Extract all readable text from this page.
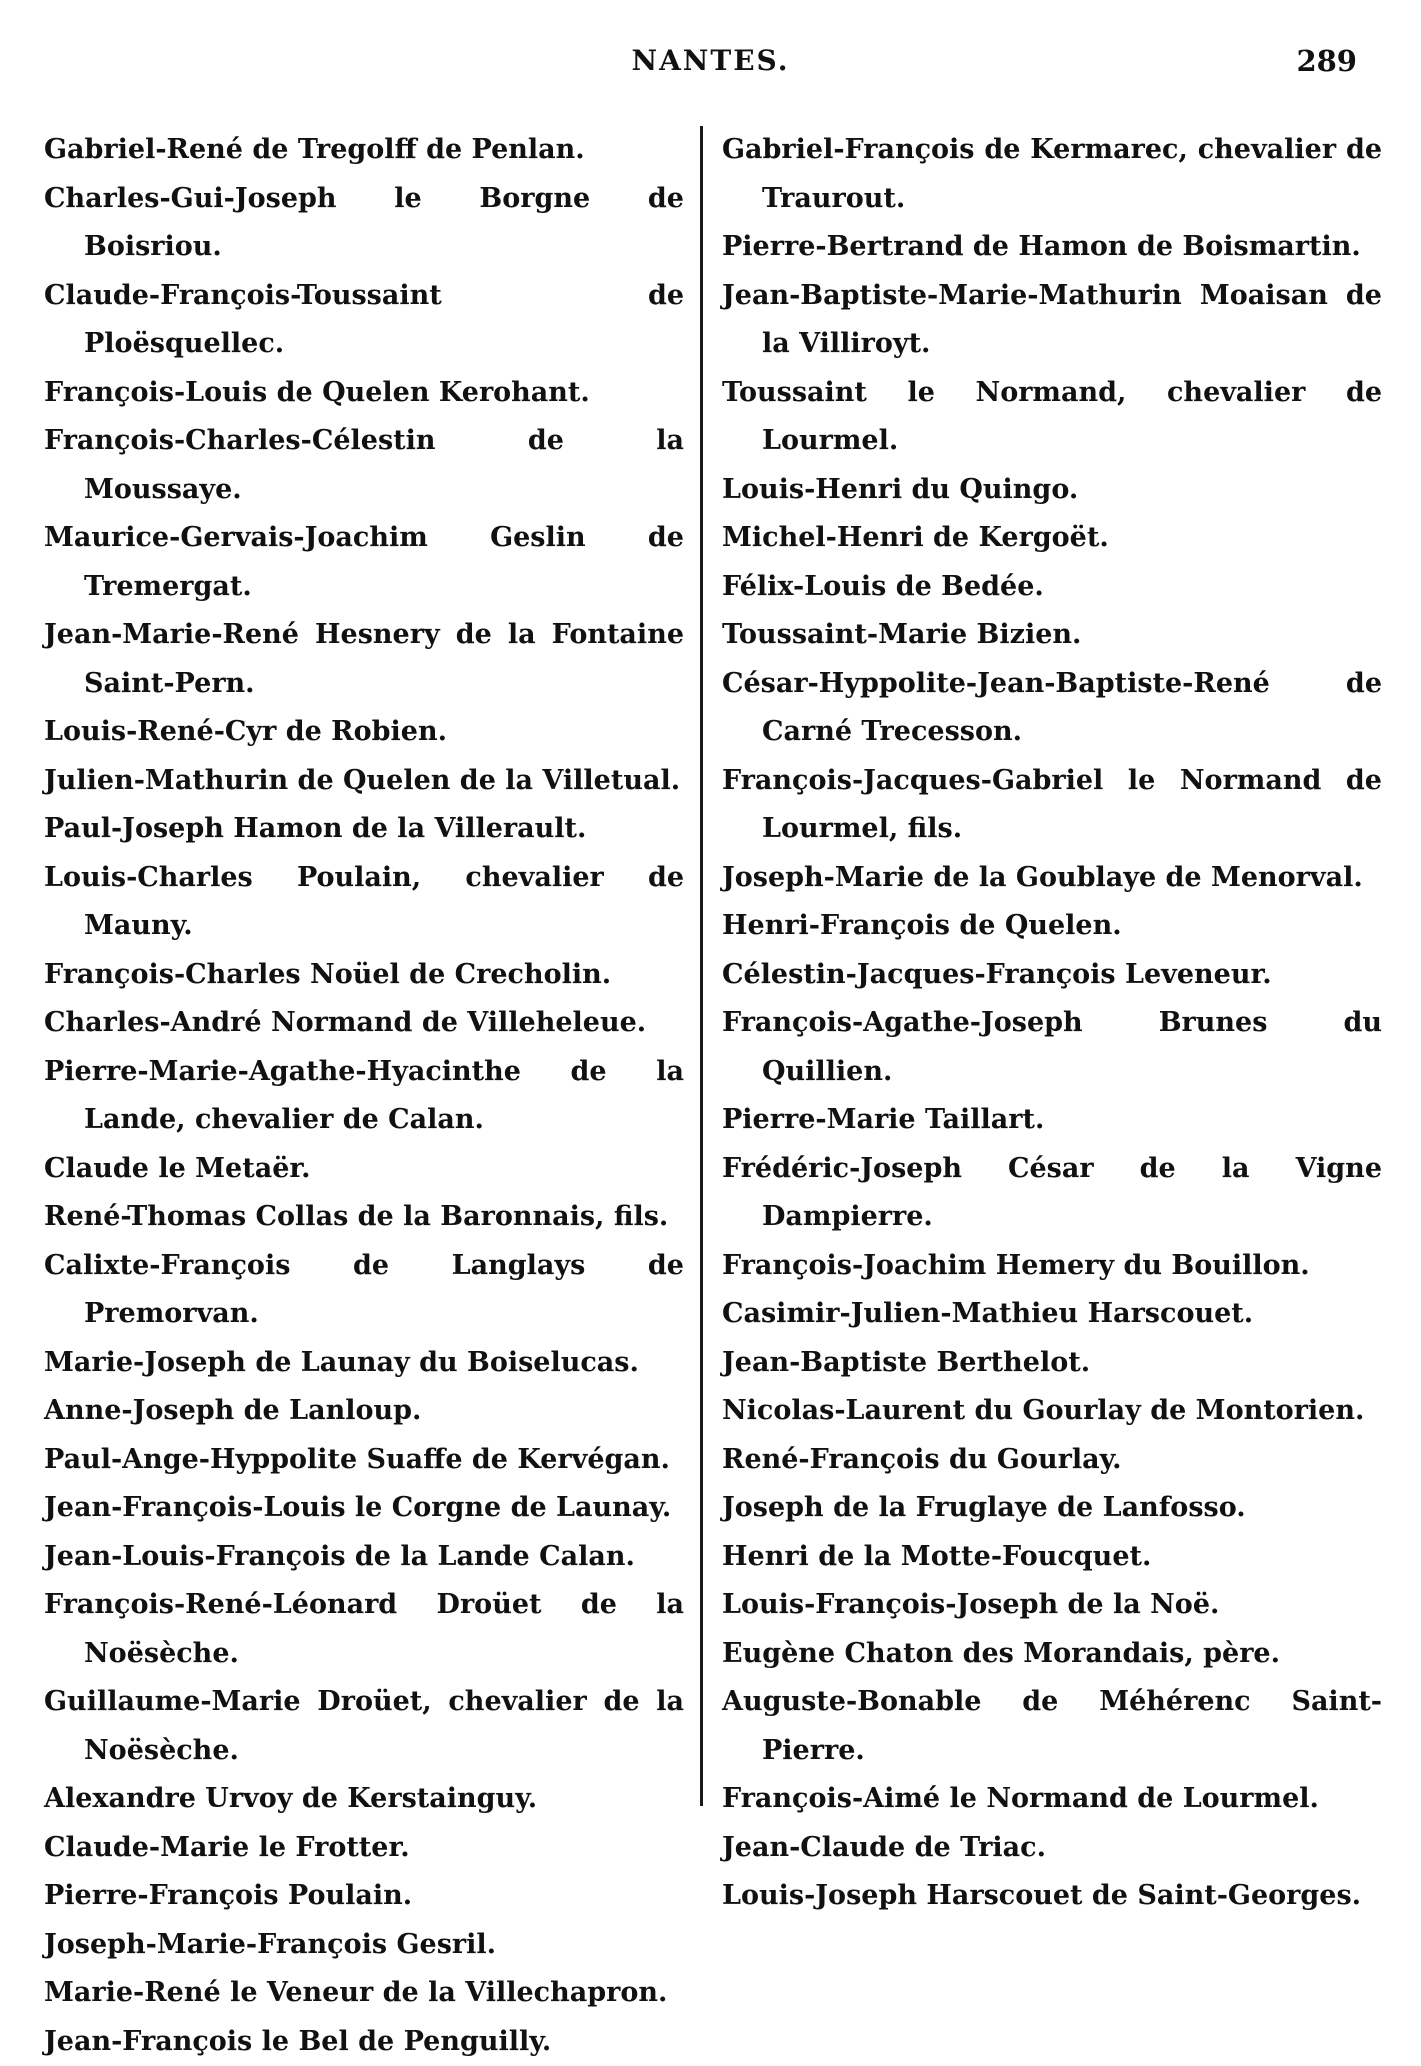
NANTES.	289
Gabriel-René de Tregolff de Penlan.
Charles-Gui-Joseph le Borgne de Boisriou.
Claude-François-Toussaint de Ploësquellec.
François-Louis de Quelen Kerohant.
François-Charles-Célestin de la Moussaye.
Maurice-Gervais-Joachim Geslin de Tremergat.
Jean-Marie-René Hesnery de la Fontaine Saint-Pern.
Louis-René-Cyr de Robien.
Julien-Mathurin de Quelen de la Villetual.
Paul-Joseph Hamon de la Villerault.
Louis-Charles Poulain, chevalier de Mauny.
François-Charles Noüel de Crecholin.
Charles-André Normand de Villeheleue.
Pierre-Marie-Agathe-Hyacinthe de la Lande, chevalier de Calan.
Claude le Metaër.
René-Thomas Collas de la Baronnais, fils.
Calixte-François de Langlays de Premorvan.
Marie-Joseph de Launay du Boiselucas.
Anne-Joseph de Lanloup.
Paul-Ange-Hyppolite Suaffe de Kervégan.
Jean-François-Louis le Corgne de Launay.
Jean-Louis-François de la Lande Calan.
François-René-Léonard Droüet de la Noësèche.
Guillaume-Marie Droüet, chevalier de la Noësèche.
Alexandre Urvoy de Kerstainguy.
Claude-Marie le Frotter.
Pierre-François Poulain.
Joseph-Marie-François Gesril.
Marie-René le Veneur de la Villechapron.
Jean-François le Bel de Penguilly.
Gabriel-François de Kermarec, chevalier de Traurout.
Pierre-Bertrand de Hamon de Boismartin.
Jean-Baptiste-Marie-Mathurin Moaisan de la Villiroyt.
Toussaint le Normand, chevalier de Lourmel.
Louis-Henri du Quingo.
Michel-Henri de Kergoët.
Félix-Louis de Bedée.
Toussaint-Marie Bizien.
César-Hyppolite-Jean-Baptiste-René de Carné Trecesson.
François-Jacques-Gabriel le Normand de Lourmel, fils.
Joseph-Marie de la Goublaye de Menorval.
Henri-François de Quelen.
Célestin-Jacques-François Leveneur.
François-Agathe-Joseph Brunes du Quillien.
Pierre-Marie Taillart.
Frédéric-Joseph César de la Vigne Dampierre.
François-Joachim Hemery du Bouillon.
Casimir-Julien-Mathieu Harscouet.
Jean-Baptiste Berthelot.
Nicolas-Laurent du Gourlay de Montorien.
René-François du Gourlay.
Joseph de la Fruglaye de Lanfosso.
Henri de la Motte-Foucquet.
Louis-François-Joseph de la Noë.
Eugène Chaton des Morandais, père.
Auguste-Bonable de Méhérenc Saint-Pierre.
François-Aimé le Normand de Lourmel.
Jean-Claude de Triac.
Louis-Joseph Harscouet de Saint-Georges.
